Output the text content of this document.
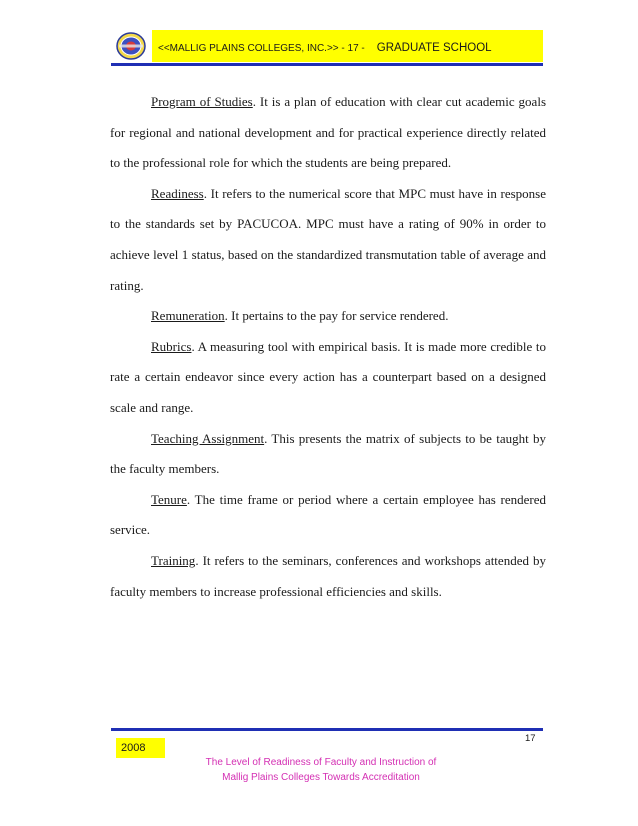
<<MALLIG PLAINS COLLEGES, INC.>> - 17 - GRADUATE SCHOOL

Program of Studies. It is a plan of education with clear cut academic goals for regional and national development and for practical experience directly related to the professional role for which the students are being prepared.

Readiness. It refers to the numerical score that MPC must have in response to the standards set by PACUCOA. MPC must have a rating of 90% in order to achieve level 1 status, based on the standardized transmutation table of average and rating.

Remuneration. It pertains to the pay for service rendered.

Rubrics. A measuring tool with empirical basis. It is made more credible to rate a certain endeavor since every action has a counterpart based on a designed scale and range.

Teaching Assignment. This presents the matrix of subjects to be taught by the faculty members.

Tenure. The time frame or period where a certain employee has rendered service.

Training. It refers to the seminars, conferences and workshops attended by faculty members to increase professional efficiencies and skills.

17
2008
The Level of Readiness of Faculty and Instruction of
Mallig Plains Colleges Towards Accreditation
